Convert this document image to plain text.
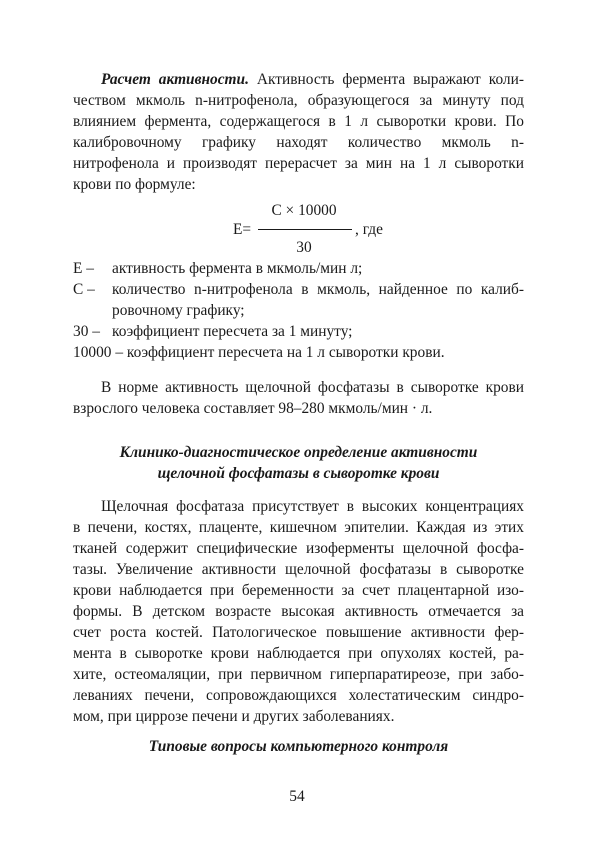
Расчет активности. Активность фермента выражают коли-
чеством мкмоль n-нитрофенола, образующегося за минуту под
влиянием фермента, содержащегося в 1 л сыворотки крови. По
калибровочному графику находят количество мкмоль n-
нитрофенола и производят перерасчет за мин на 1 л сыворотки
крови по формуле:
C × 10000
E=	, где
30
E – активность фермента в мкмоль/мин л;
C – количество n-нитрофенола в мкмоль, найденное по калиб-
ровочному графику;
30 – коэффициент пересчета за 1 минуту;
10000 – коэффициент пересчета на 1 л сыворотки крови.
В норме активность щелочной фосфатазы в сыворотке крови
взрослого человека составляет 98–280 мкмоль/мин · л.
Клинико-диагностическое определение активности
щелочной фосфатазы в сыворотке крови
Щелочная фосфатаза присутствует в высоких концентрациях
в печени, костях, плаценте, кишечном эпителии. Каждая из этих
тканей содержит специфические изоферменты щелочной фосфа-
тазы. Увеличение активности щелочной фосфатазы в сыворотке
крови наблюдается при беременности за счет плацентарной изо-
формы. В детском возрасте высокая активность отмечается за
счет роста костей. Патологическое повышение активности фер-
мента в сыворотке крови наблюдается при опухолях костей, ра-
хите, остеомаляции, при первичном гиперпаратиреозе, при забо-
леваниях печени, сопровождающихся холестатическим синдро-
мом, при циррозе печени и других заболеваниях.
Типовые вопросы компьютерного контроля
54
